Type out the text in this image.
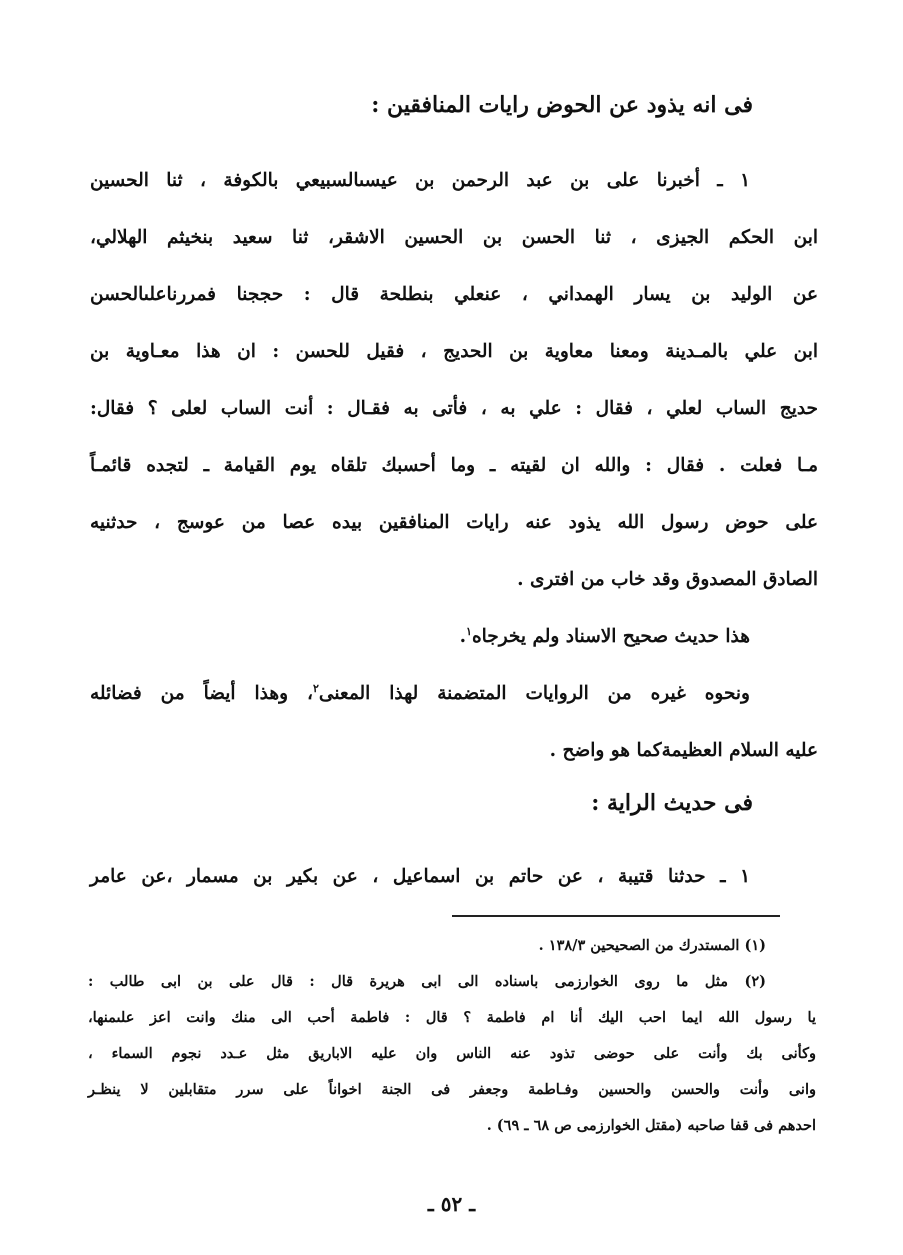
فى انه يذود عن الحوض رايات المنافقين :
١ ـ أخبرنا على بن عبد الرحمن بن عيسىالسبيعي بالكوفة ، ثنا الحسين
ابن الحكم الجيزى ، ثنا الحسن بن الحسين الاشقر، ثنا سعيد بنخيثم الهلالي،
عن الوليد بن يسار الهمداني ، عنعلي بنطلحة قال : حججنا فمررناعلىالحسن
ابن علي بالمـدينة ومعنا معاوية بن الحديج ، فقيل للحسن : ان هذا معـاوية بن
حديج الساب لعلي ، فقال : علي به ، فأتى به فقـال : أنت الساب لعلى ؟ فقال:
مـا فعلت . فقال : والله ان لقيته ـ وما أحسبك تلقاه يوم القيامة ـ لتجده قائمـاً
على حوض رسول الله يذود عنه رايات المنافقين بيده عصا من عوسج ، حدثنيه
الصادق المصدوق وقد خاب من افترى .
هذا حديث صحيح الاسناد ولم يخرجاه$^١$.
ونحوه غيره من الروايات المتضمنة لهذا المعنى$^٢$، وهذا أيضاً من فضائله
عليه السلام العظيمةكما هو واضح .
فى حديث الراية :
١ ـ حدثنا قتيبة ، عن حاتم بن اسماعيل ، عن بكير بن مسمار ،عن عامر
(١) المستدرك من الصحيحين ١٣٨/٣ .
(٢) مثل ما روى الخوارزمى باسناده الى ابى هريرة قال : قال على بن ابى طالب :
يا رسول الله ايما احب اليك أنا ام فاطمة ؟ قال : فاطمة أحب الى منك وانت اعز علىمنها،
وكأنى بك وأنت على حوضى تذود عنه الناس وان عليه الاباريق مثل عـدد نجوم السماء ،
وانى وأنت والحسن والحسين وفـاطمة وجعفر فى الجنة اخواناً على سرر متقابلين لا ينظـر
احدهم فى قفا صاحبه (مقتل الخوارزمى ص ٦٨ ـ ٦٩) .
ـ ٥٢ ـ
